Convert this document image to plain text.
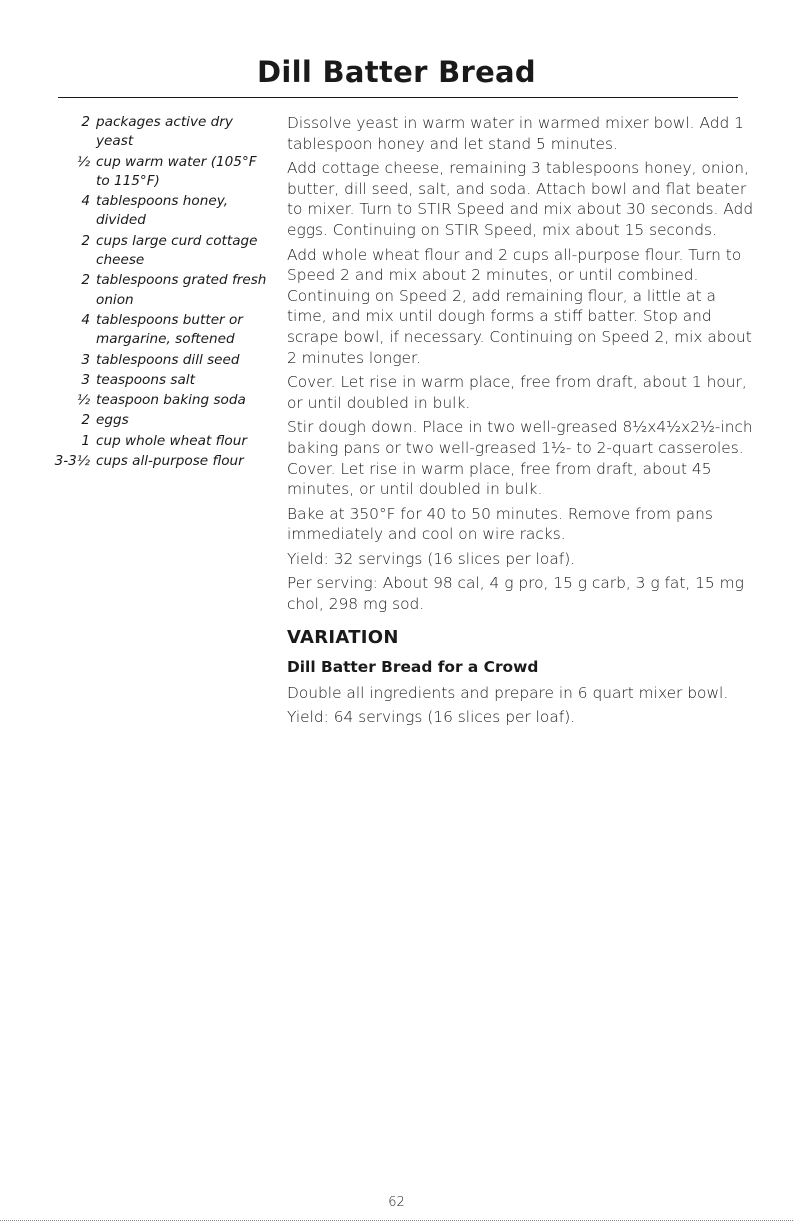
Dill Batter Bread
2 packages active dry yeast
½ cup warm water (105°F to 115°F)
4 tablespoons honey, divided
2 cups large curd cottage cheese
2 tablespoons grated fresh onion
4 tablespoons butter or margarine, softened
3 tablespoons dill seed
3 teaspoons salt
½ teaspoon baking soda
2 eggs
1 cup whole wheat flour
3-3½ cups all-purpose flour

Dissolve yeast in warm water in warmed mixer bowl. Add 1 tablespoon honey and let stand 5 minutes.

Add cottage cheese, remaining 3 tablespoons honey, onion, butter, dill seed, salt, and soda. Attach bowl and flat beater to mixer. Turn to STIR Speed and mix about 30 seconds. Add eggs. Continuing on STIR Speed, mix about 15 seconds.

Add whole wheat flour and 2 cups all-purpose flour. Turn to Speed 2 and mix about 2 minutes, or until combined. Continuing on Speed 2, add remaining flour, a little at a time, and mix until dough forms a stiff batter. Stop and scrape bowl, if necessary. Continuing on Speed 2, mix about 2 minutes longer.

Cover. Let rise in warm place, free from draft, about 1 hour, or until doubled in bulk.

Stir dough down. Place in two well-greased 8½x4½x2½-inch baking pans or two well-greased 1½- to 2-quart casseroles. Cover. Let rise in warm place, free from draft, about 45 minutes, or until doubled in bulk.

Bake at 350°F for 40 to 50 minutes. Remove from pans immediately and cool on wire racks.

Yield: 32 servings (16 slices per loaf).

Per serving: About 98 cal, 4 g pro, 15 g carb, 3 g fat, 15 mg chol, 298 mg sod.

VARIATION
Dill Batter Bread for a Crowd

Double all ingredients and prepare in 6 quart mixer bowl.

Yield: 64 servings (16 slices per loaf).

62
